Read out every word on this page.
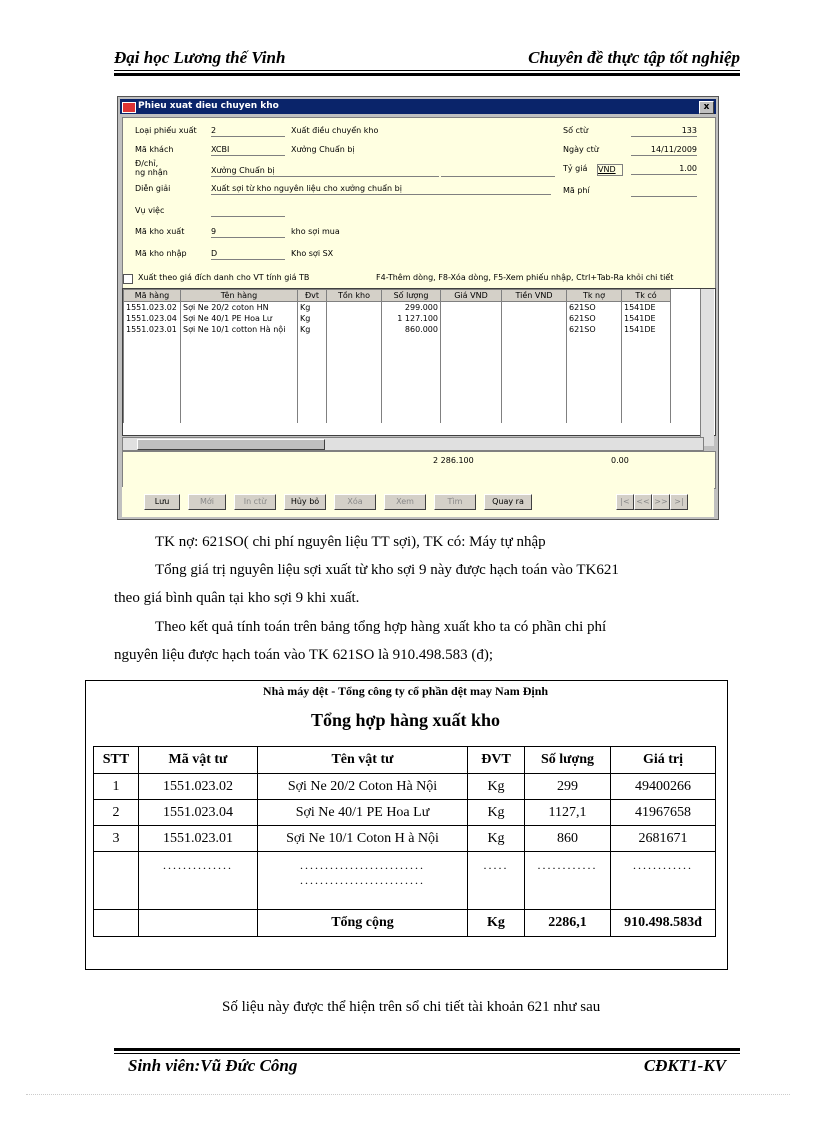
Đại học Lương thế Vinh	Chuyên đề thực tập tốt nghiệp
Phieu xuat dieu chuyen kho	x
Loại phiếu xuất 2	Xuất điều chuyển kho
Mã khách	XCBI	Xưởng Chuẩn bị
Đ/chỉ,
ng nhận	Xưởng Chuẩn bị
Diễn giải	Xuất sợi từ kho nguyên liệu cho xưởng chuẩn bị
Vụ việc
Mã kho xuất	9	kho sợi mua
Mã kho nhập	D	Kho sợi SX
Số ctừ	133
Ngày ctừ	14/11/2009
Tỷ giá VND	1.00
Mã phí
Xuất theo giá đích danh cho VT tính giá TB	F4-Thêm dòng, F8-Xóa dòng, F5-Xem phiếu nhập, Ctrl+Tab-Ra khỏi chi tiết
Mã hàng	Tên hàng	Đvt	Tồn kho	Số lượng	Giá VND	Tiền VND	Tk nợ	Tk có
1551.023.02	Sợi Ne 20/2 coton HN	Kg		299.000			621SO	1541DE
1551.023.04	Sợi Ne 40/1 PE Hoa Lư	Kg		1 127.100			621SO	1541DE
1551.023.01	Sợi Ne 10/1 cotton Hà nội	Kg		860.000			621SO	1541DE

2 286.100	0.00
Lưu	Mới	In ctừ	Hủy bỏ	Xóa	Xem	Tìm	Quay ra	|< << >> >|
TK nợ: 621SO( chi phí nguyên liệu TT sợi), TK có: Máy tự nhập
Tổng giá trị nguyên liệu sợi xuất từ kho sợi 9 này được hạch toán vào TK621
theo giá bình quân tại kho sợi 9 khi xuất.
Theo kết quả tính toán trên bảng tổng hợp hàng xuất kho ta có phần chi phí
nguyên liệu được hạch toán vào TK 621SO là 910.498.583 (đ);
Nhà máy dệt - Tổng công ty cổ phần dệt may Nam Định
Tổng hợp hàng xuất kho
STT	Mã vật tư	Tên vật tư	ĐVT	Số lượng	Giá trị
1	1551.023.02	Sợi Ne 20/2 Coton Hà Nội	Kg	299	49400266
2	1551.023.04	Sợi Ne 40/1 PE Hoa Lư	Kg	1127,1	41967658
3	1551.023.01	Sợi Ne 10/1 Coton H à Nội	Kg	860	2681671
	..............	......................... .........................	.....	............	............
		Tổng cộng	Kg	2286,1	910.498.583đ
Số liệu này được thể hiện trên sổ chi tiết tài khoản 621 như sau
Sinh viên:Vũ Đức Công	CĐKT1-KV
